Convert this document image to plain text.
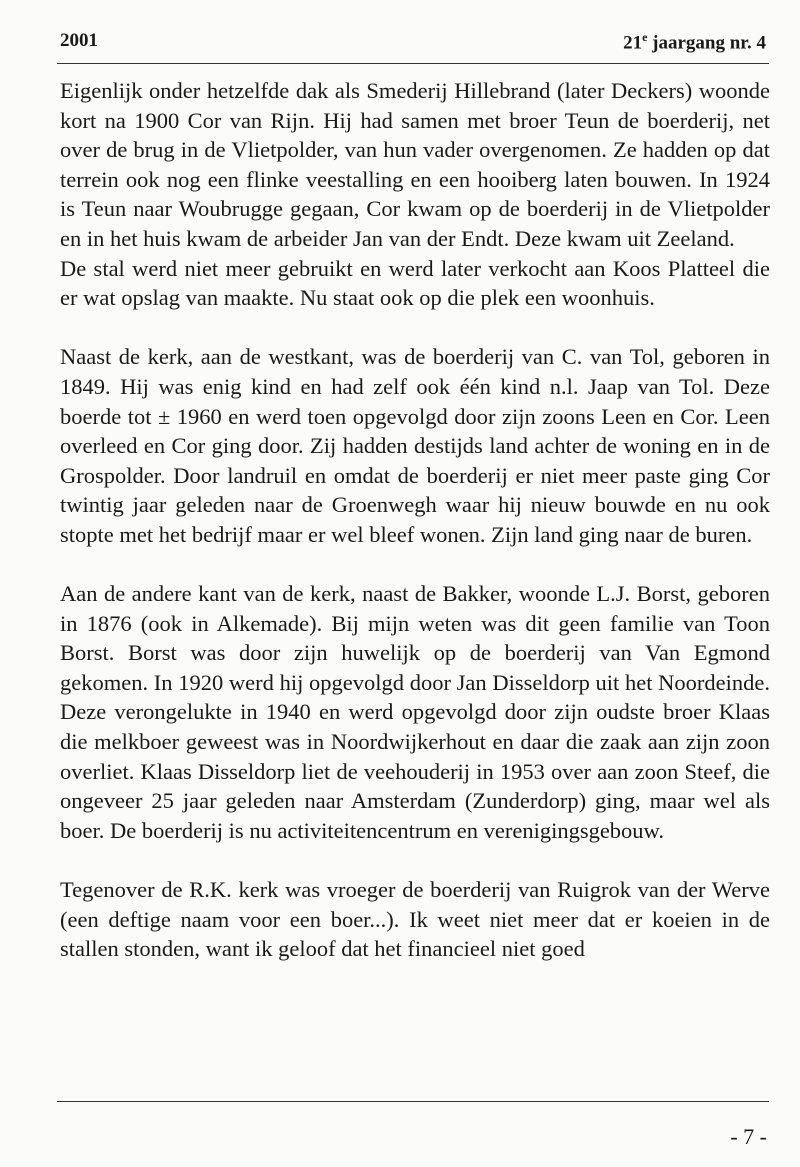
2001	21e jaargang nr. 4

Eigenlijk onder hetzelfde dak als Smederij Hillebrand (later Deckers) woonde kort na 1900 Cor van Rijn. Hij had samen met broer Teun de boerderij, net over de brug in de Vlietpolder, van hun vader overgenomen. Ze hadden op dat terrein ook nog een flinke veestalling en een hooiberg laten bouwen. In 1924 is Teun naar Woubrugge gegaan, Cor kwam op de boerderij in de Vlietpolder en in het huis kwam de arbeider Jan van der Endt. Deze kwam uit Zeeland.

De stal werd niet meer gebruikt en werd later verkocht aan Koos Platteel die er wat opslag van maakte. Nu staat ook op die plek een woonhuis.

Naast de kerk, aan de westkant, was de boerderij van C. van Tol, geboren in 1849. Hij was enig kind en had zelf ook één kind n.l. Jaap van Tol. Deze boerde tot ± 1960 en werd toen opgevolgd door zijn zoons Leen en Cor. Leen overleed en Cor ging door. Zij hadden destijds land achter de woning en in de Grospolder. Door landruil en omdat de boerderij er niet meer paste ging Cor twintig jaar geleden naar de Groenwegh waar hij nieuw bouwde en nu ook stopte met het bedrijf maar er wel bleef wonen. Zijn land ging naar de buren.

Aan de andere kant van de kerk, naast de Bakker, woonde L.J. Borst, geboren in 1876 (ook in Alkemade). Bij mijn weten was dit geen familie van Toon Borst. Borst was door zijn huwelijk op de boerderij van Van Egmond gekomen. In 1920 werd hij opgevolgd door Jan Disseldorp uit het Noordeinde. Deze verongelukte in 1940 en werd opgevolgd door zijn oudste broer Klaas die melkboer geweest was in Noordwijkerhout en daar die zaak aan zijn zoon overliet. Klaas Disseldorp liet de veehouderij in 1953 over aan zoon Steef, die ongeveer 25 jaar geleden naar Amsterdam (Zunderdorp) ging, maar wel als boer. De boerderij is nu activiteitencentrum en verenigingsgebouw.

Tegenover de R.K. kerk was vroeger de boerderij van Ruigrok van der Werve (een deftige naam voor een boer...). Ik weet niet meer dat er koeien in de stallen stonden, want ik geloof dat het financieel niet goed

- 7 -
